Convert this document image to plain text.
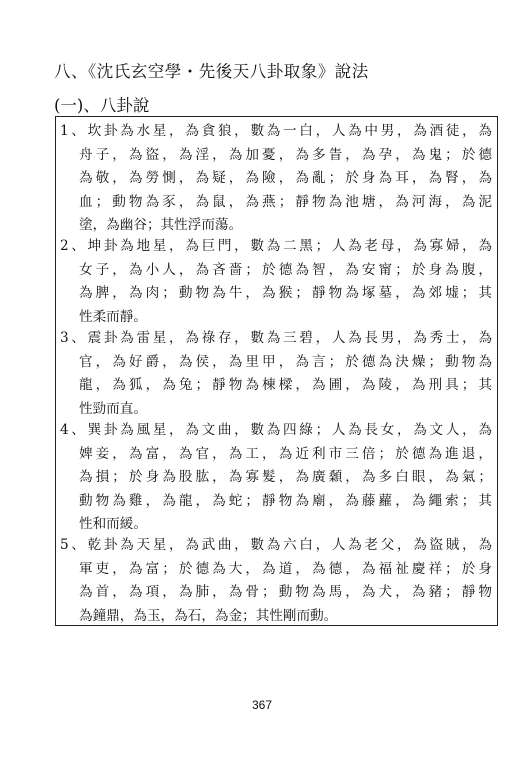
八、《沈氏玄空學・先後天八卦取象》說法
(一)、八卦說
1、坎卦為水星，為貪狼，數為一白，人為中男，為酒徒，為
舟子，為盜，為淫，為加憂，為多眚，為孕，為鬼；於德
為敬，為勞惻，為疑，為險，為亂；於身為耳，為腎，為
血；動物為豕，為鼠，為燕；靜物為池塘，為河海，為泥
塗，為幽谷；其性浮而蕩。
2、坤卦為地星，為巨門，數為二黑；人為老母，為寡婦，為
女子，為小人，為吝嗇；於德為智，為安甯；於身為腹，
為脾，為肉；動物為牛，為猴；靜物為塚墓，為郊墟；其
性柔而靜。
3、震卦為雷星，為祿存，數為三碧，人為長男，為秀士，為
官，為好爵，為侯，為里甲，為言；於德為決燥；動物為
龍，為狐，為兔；靜物為棟樑，為圃，為陵，為刑具；其
性勁而直。
4、巽卦為風星，為文曲，數為四綠；人為長女，為文人，為
婢妾，為富，為官，為工，為近利市三倍；於德為進退，
為損；於身為股肱，為寡髮，為廣顙，為多白眼，為氣；
動物為雞，為龍，為蛇；靜物為廟，為藤蘿，為繩索；其
性和而緩。
5、乾卦為天星，為武曲，數為六白，人為老父，為盜賊，為
軍吏，為富；於德為大，為道，為德，為福祉慶祥；於身
為首，為項，為肺，為骨；動物為馬，為犬，為豬；靜物
為鐘鼎，為玉，為石，為金；其性剛而動。
367
